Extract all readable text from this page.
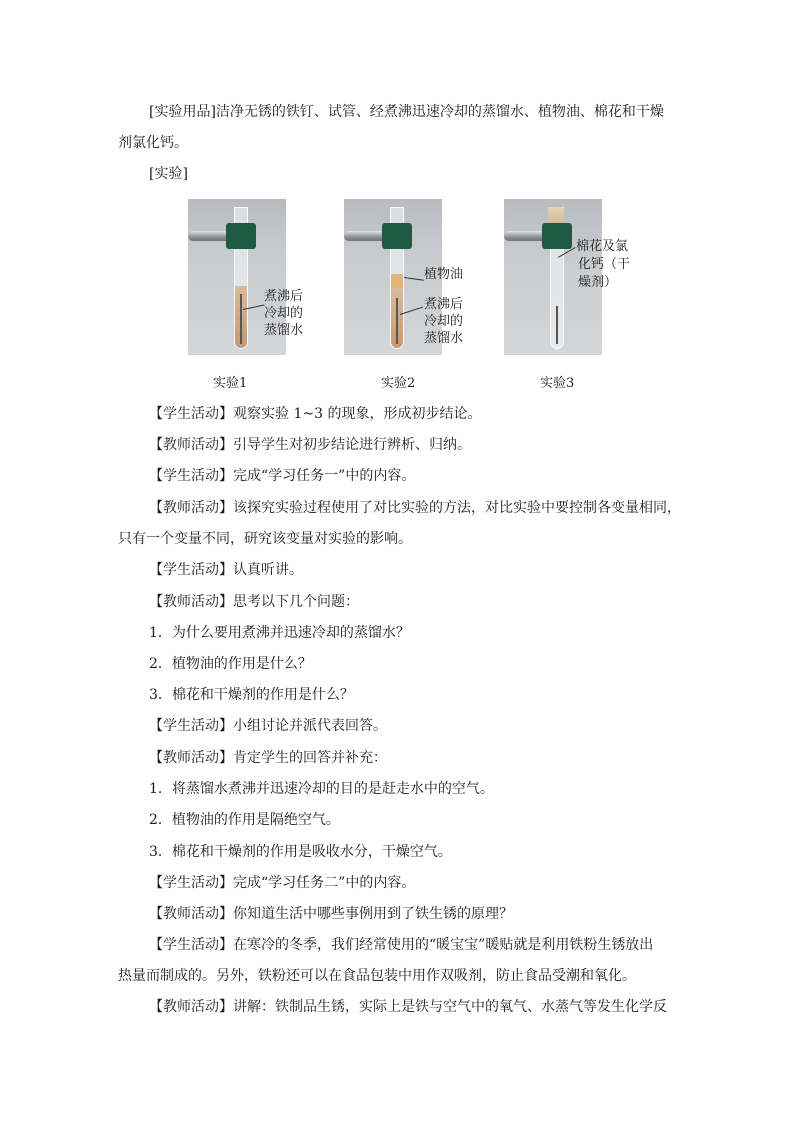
[实验用品]洁净无锈的铁钉、试管、经煮沸迅速冷却的蒸馏水、植物油、棉花和干燥
剂氯化钙。
[实验]
煮沸后
冷却的
蒸馏水
植物油
煮沸后
冷却的
蒸馏水
棉花及氯
化钙（干
燥剂）
实验1	实验2	实验3
【学生活动】观察实验 1~3 的现象，形成初步结论。
【教师活动】引导学生对初步结论进行辨析、归纳。
【学生活动】完成“学习任务一”中的内容。
【教师活动】该探究实验过程使用了对比实验的方法，对比实验中要控制各变量相同，
只有一个变量不同，研究该变量对实验的影响。
【学生活动】认真听讲。
【教师活动】思考以下几个问题：
1．为什么要用煮沸并迅速冷却的蒸馏水？
2．植物油的作用是什么？
3．棉花和干燥剂的作用是什么？
【学生活动】小组讨论并派代表回答。
【教师活动】肯定学生的回答并补充：
1．将蒸馏水煮沸并迅速冷却的目的是赶走水中的空气。
2．植物油的作用是隔绝空气。
3．棉花和干燥剂的作用是吸收水分，干燥空气。
【学生活动】完成“学习任务二”中的内容。
【教师活动】你知道生活中哪些事例用到了铁生锈的原理？
【学生活动】在寒冷的冬季，我们经常使用的“暖宝宝”暖贴就是利用铁粉生锈放出
热量而制成的。另外，铁粉还可以在食品包装中用作双吸剂，防止食品受潮和氧化。
【教师活动】讲解：铁制品生锈，实际上是铁与空气中的氧气、水蒸气等发生化学反
